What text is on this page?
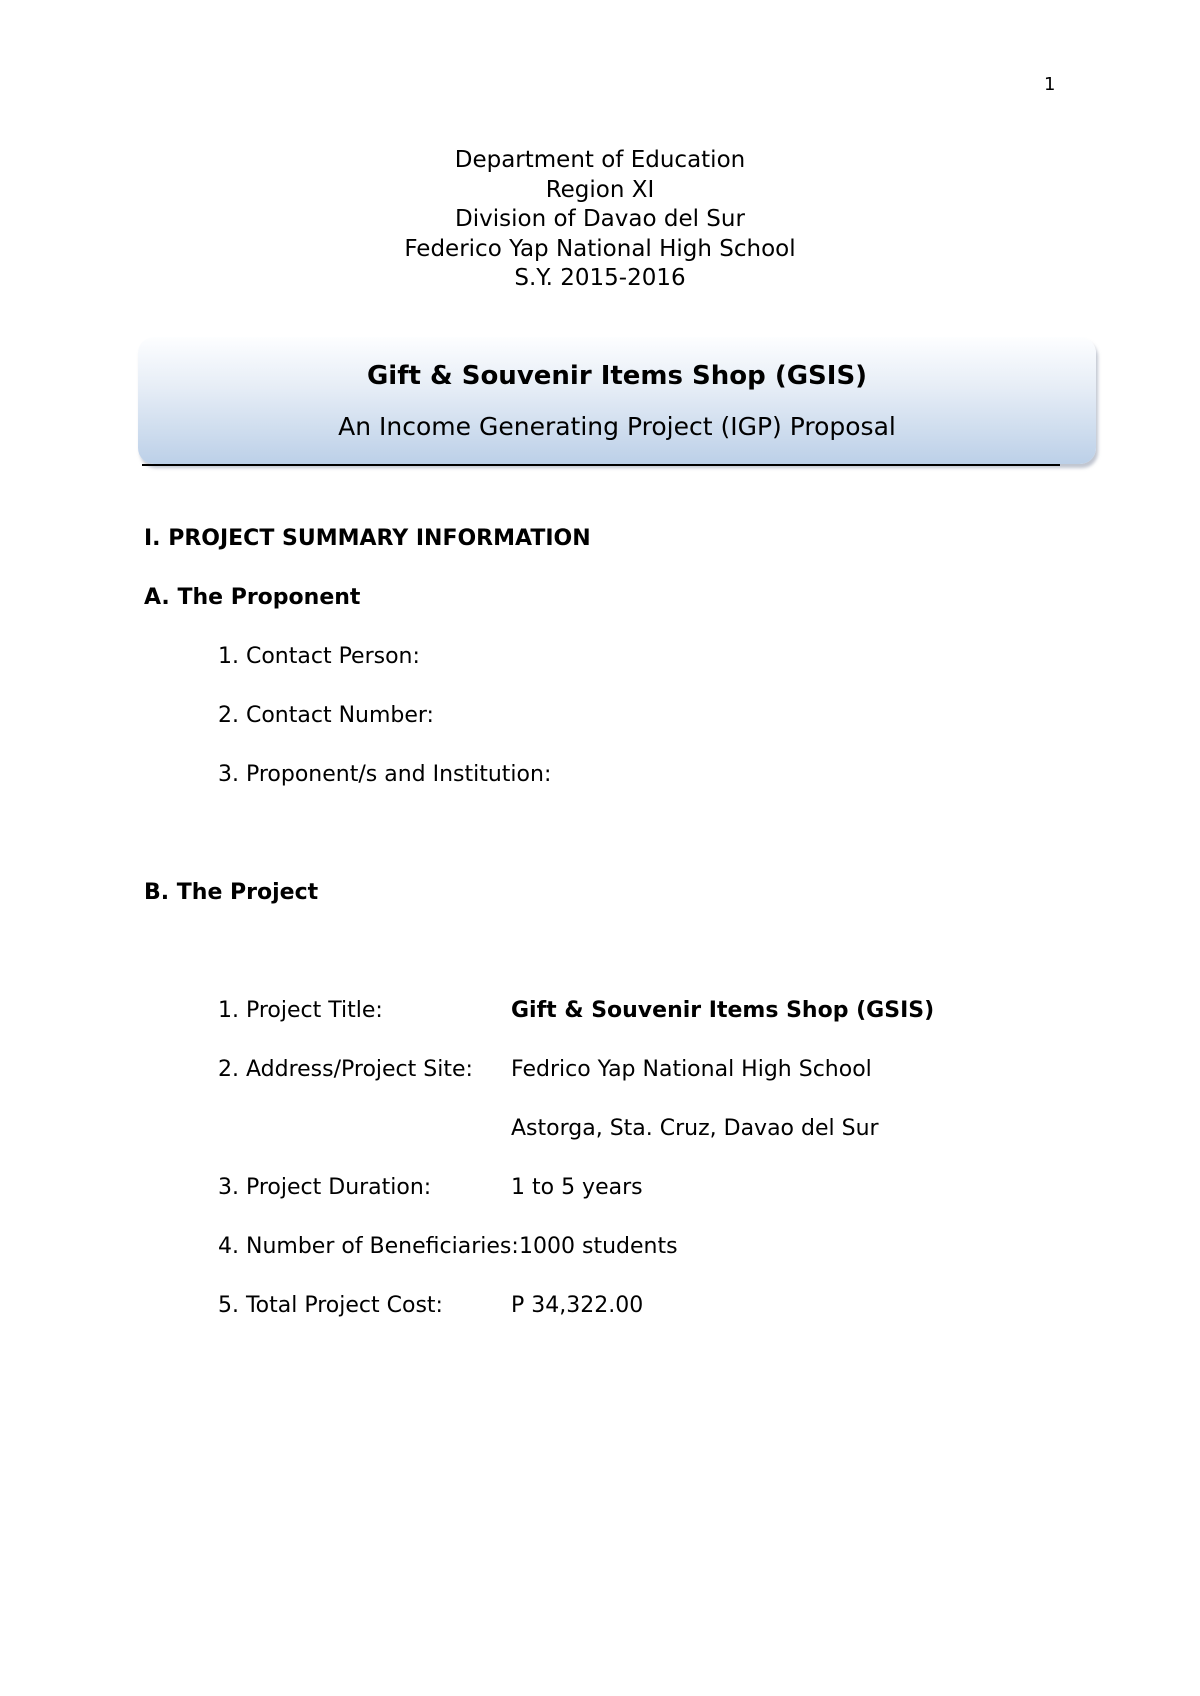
1
Department of Education
Region XI
Division of Davao del Sur
Federico Yap National High School
S.Y. 2015-2016
Gift & Souvenir Items Shop (GSIS)
An Income Generating Project (IGP) Proposal
I. PROJECT SUMMARY INFORMATION
A. The Proponent
1. Contact Person:
2. Contact Number:
3. Proponent/s and Institution:
B. The Project
1. Project Title:	Gift & Souvenir Items Shop (GSIS)
2. Address/Project Site: Fedrico Yap National High School
Astorga, Sta. Cruz, Davao del Sur
3. Project Duration:	1 to 5 years
4. Number of Beneficiaries: 1000 students
5. Total Project Cost:	P 34,322.00
